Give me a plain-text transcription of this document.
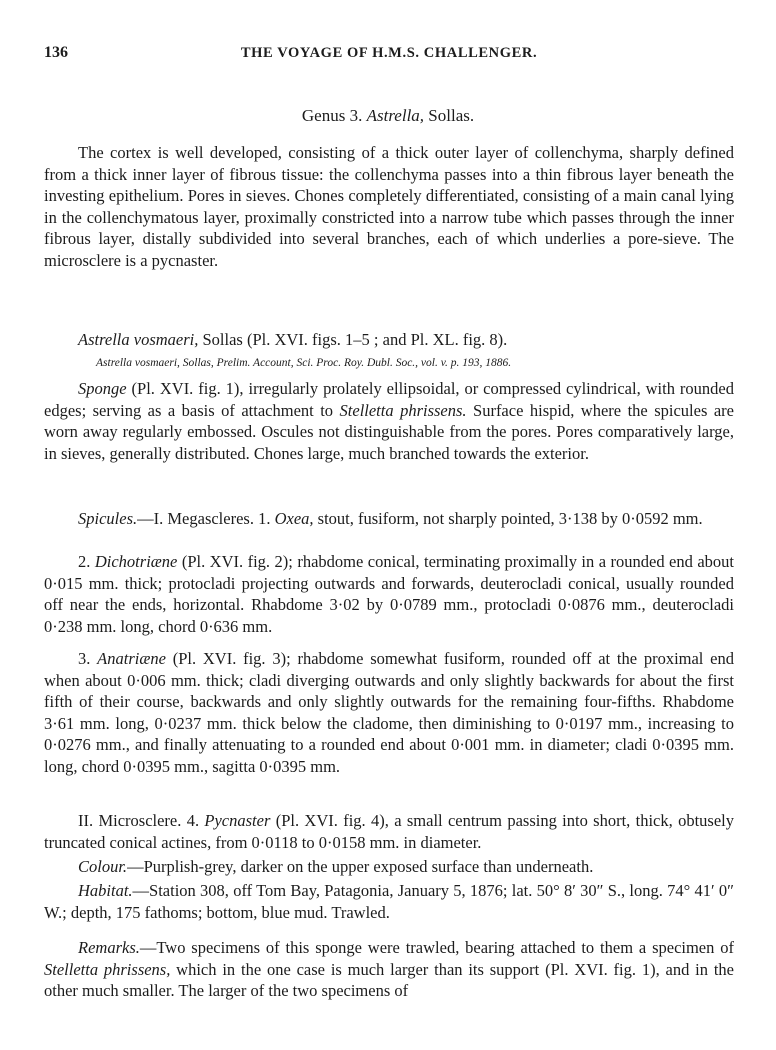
136	THE VOYAGE OF H.M.S. CHALLENGER.
Genus 3. Astrella, Sollas.
The cortex is well developed, consisting of a thick outer layer of collenchyma, sharply defined from a thick inner layer of fibrous tissue: the collenchyma passes into a thin fibrous layer beneath the investing epithelium. Pores in sieves. Chones completely differentiated, consisting of a main canal lying in the collenchymatous layer, proximally constricted into a narrow tube which passes through the inner fibrous layer, distally subdivided into several branches, each of which underlies a pore-sieve. The microsclere is a pycnaster.
Astrella vosmaeri, Sollas (Pl. XVI. figs. 1–5 ; and Pl. XL. fig. 8).
Astrella vosmaeri, Sollas, Prelim. Account, Sci. Proc. Roy. Dubl. Soc., vol. v. p. 193, 1886.
Sponge (Pl. XVI. fig. 1), irregularly prolately ellipsoidal, or compressed cylindrical, with rounded edges; serving as a basis of attachment to Stelletta phrissens. Surface hispid, where the spicules are worn away regularly embossed. Oscules not distinguishable from the pores. Pores comparatively large, in sieves, generally distributed. Chones large, much branched towards the exterior.
Spicules.—I. Megascleres. 1. Oxea, stout, fusiform, not sharply pointed, 3·138 by 0·0592 mm.
2. Dichotriæne (Pl. XVI. fig. 2); rhabdome conical, terminating proximally in a rounded end about 0·015 mm. thick; protocladi projecting outwards and forwards, deuterocladi conical, usually rounded off near the ends, horizontal. Rhabdome 3·02 by 0·0789 mm., protocladi 0·0876 mm., deuterocladi 0·238 mm. long, chord 0·636 mm.
3. Anatriæne (Pl. XVI. fig. 3); rhabdome somewhat fusiform, rounded off at the proximal end when about 0·006 mm. thick; cladi diverging outwards and only slightly backwards for about the first fifth of their course, backwards and only slightly outwards for the remaining four-fifths. Rhabdome 3·61 mm. long, 0·0237 mm. thick below the cladome, then diminishing to 0·0197 mm., increasing to 0·0276 mm., and finally attenuating to a rounded end about 0·001 mm. in diameter; cladi 0·0395 mm. long, chord 0·0395 mm., sagitta 0·0395 mm.
II. Microsclere. 4. Pycnaster (Pl. XVI. fig. 4), a small centrum passing into short, thick, obtusely truncated conical actines, from 0·0118 to 0·0158 mm. in diameter.
Colour.—Purplish-grey, darker on the upper exposed surface than underneath.
Habitat.—Station 308, off Tom Bay, Patagonia, January 5, 1876; lat. 50° 8′ 30″ S., long. 74° 41′ 0″ W.; depth, 175 fathoms; bottom, blue mud. Trawled.
Remarks.—Two specimens of this sponge were trawled, bearing attached to them a specimen of Stelletta phrissens, which in the one case is much larger than its support (Pl. XVI. fig. 1), and in the other much smaller. The larger of the two specimens of
